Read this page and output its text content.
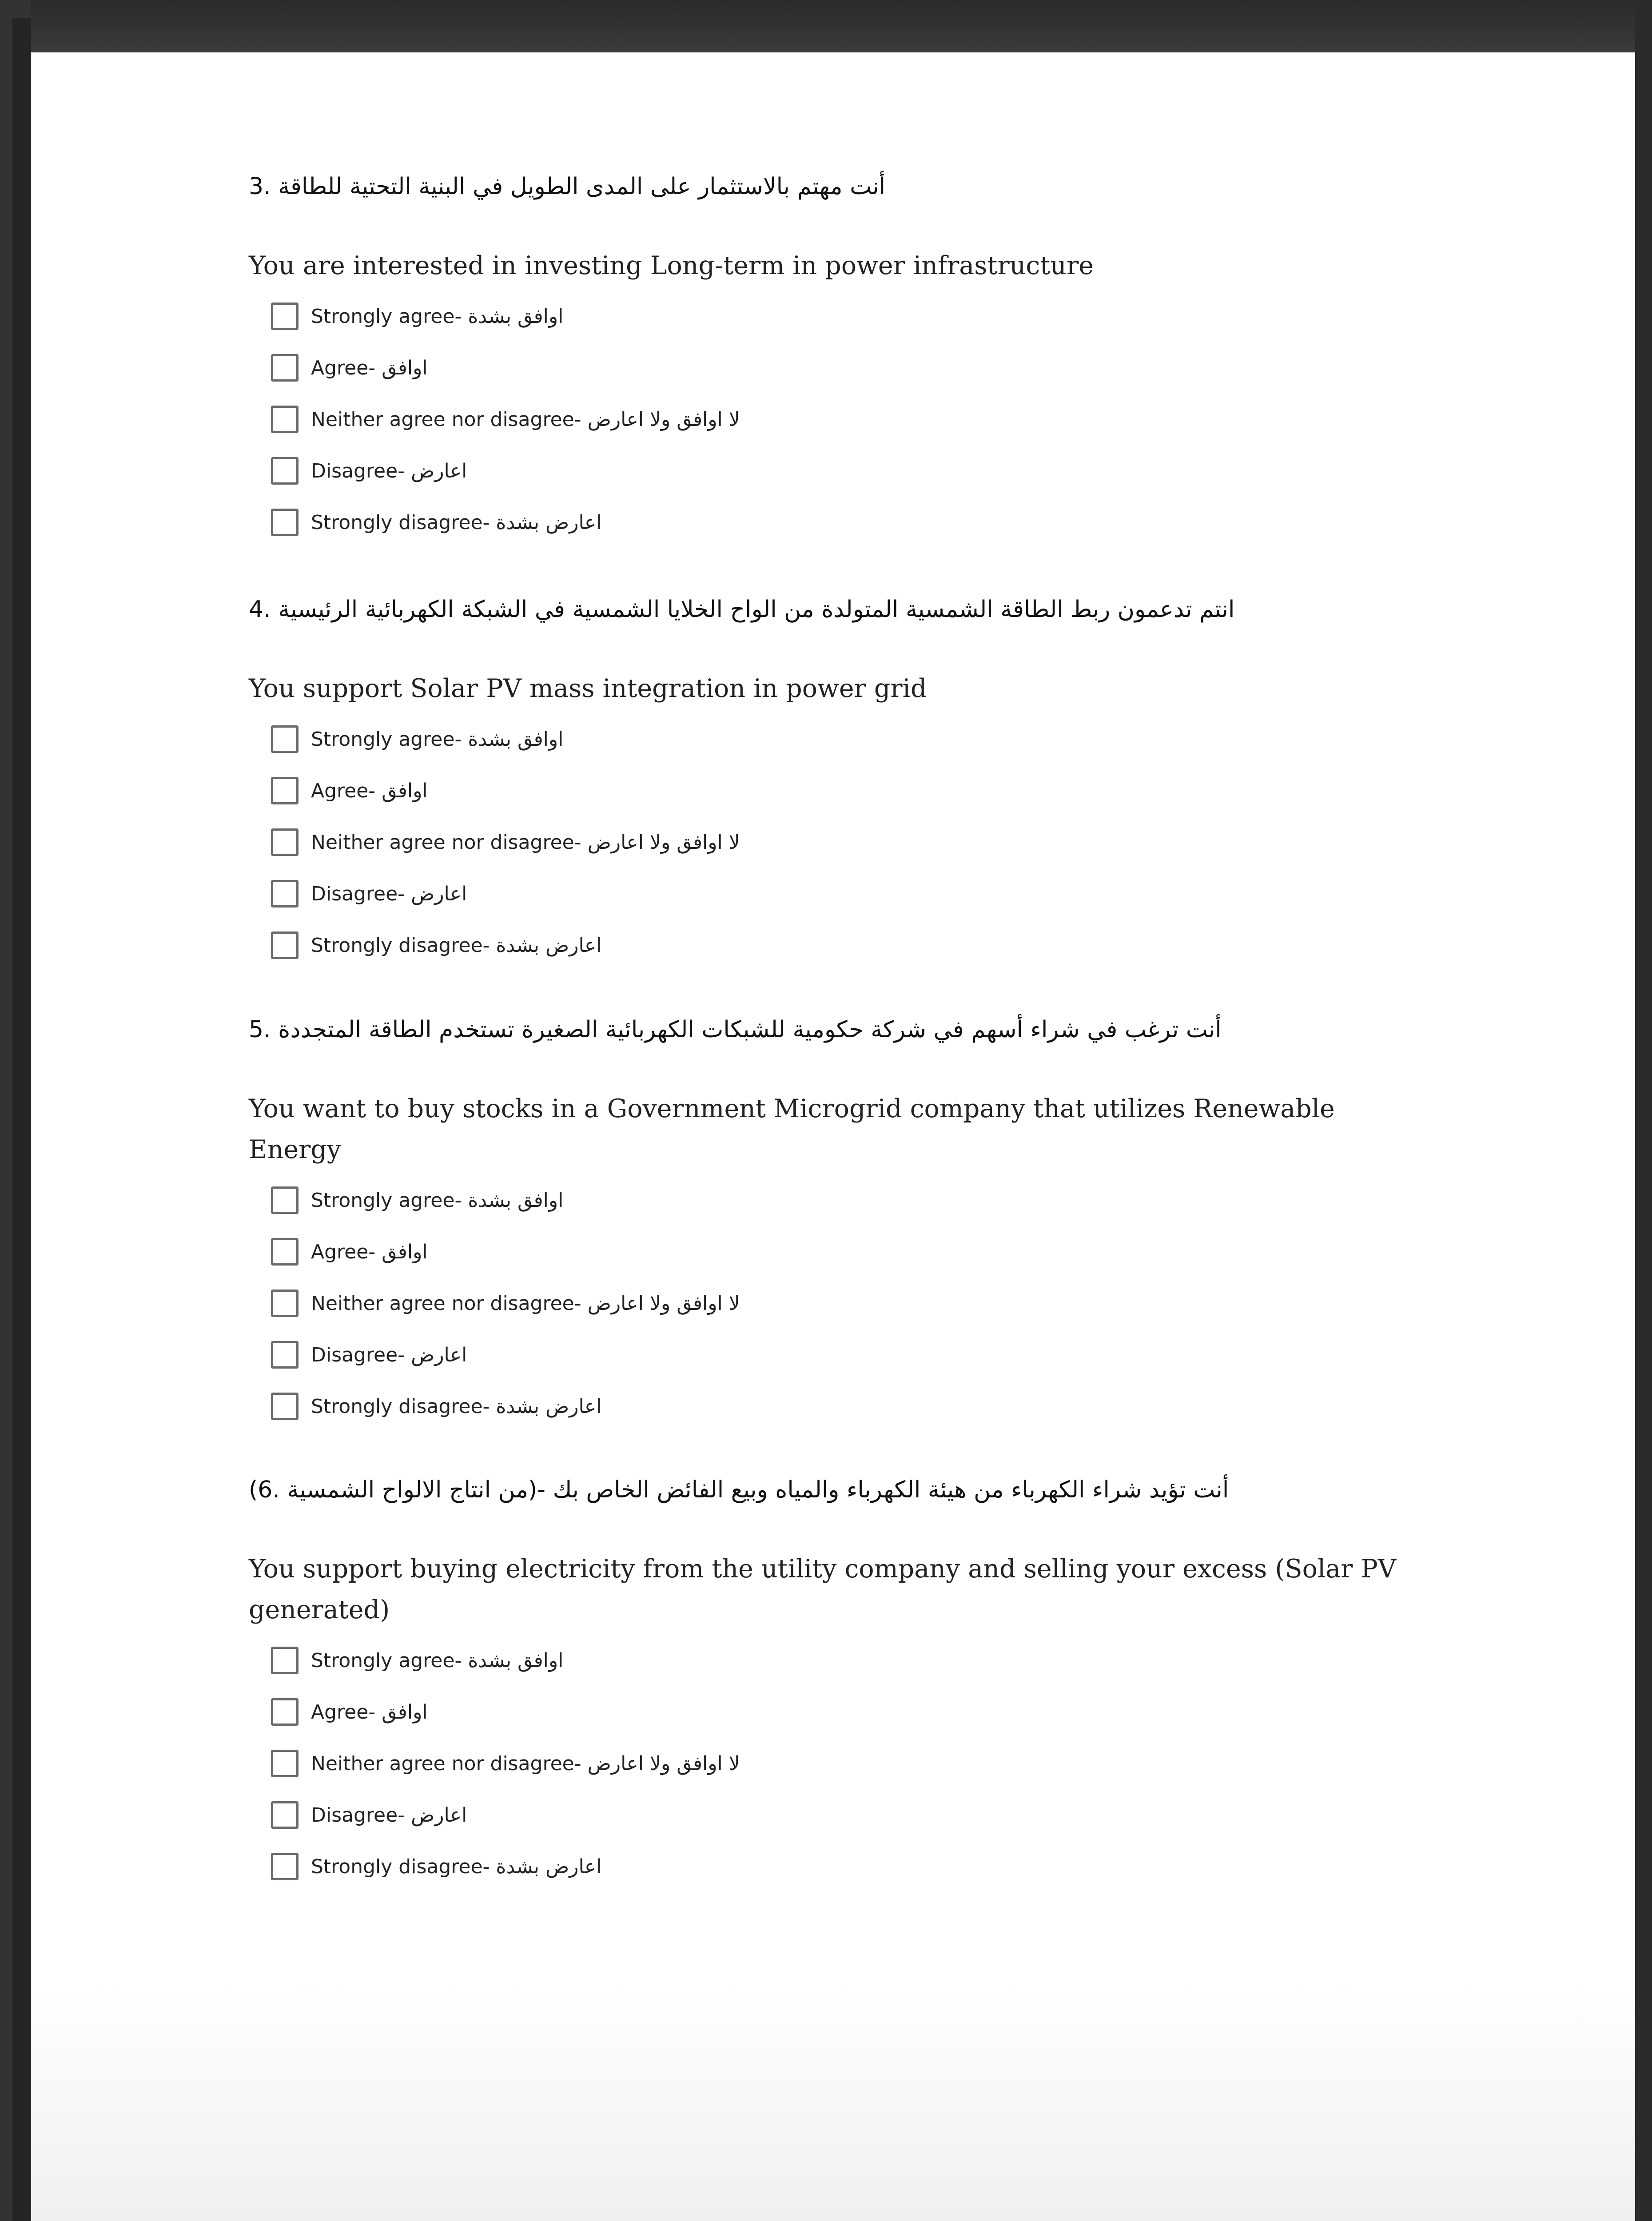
أنت مهتم بالاستثمار على المدى الطويل في البنية التحتية للطاقة .3
You are interested in investing Long-term in power infrastructure
Strongly agree- اوافق بشدة
Agree- اوافق
Neither agree nor disagree- لا اوافق ولا اعارض
Disagree- اعارض
Strongly disagree- اعارض بشدة
انتم تدعمون ربط الطاقة الشمسية المتولدة من الواح الخلايا الشمسية في الشبكة الكهربائية الرئيسية .4
You support Solar PV mass integration in power grid
Strongly agree- اوافق بشدة
Agree- اوافق
Neither agree nor disagree- لا اوافق ولا اعارض
Disagree- اعارض
Strongly disagree- اعارض بشدة
أنت ترغب في شراء أسهم في شركة حكومية للشبكات الكهربائية الصغيرة تستخدم الطاقة المتجددة .5
You want to buy stocks in a Government Microgrid company that utilizes Renewable Energy
Strongly agree- اوافق بشدة
Agree- اوافق
Neither agree nor disagree- لا اوافق ولا اعارض
Disagree- اعارض
Strongly disagree- اعارض بشدة
(أنت تؤيد شراء الكهرباء من هيئة الكهرباء والمياه وبيع الفائض الخاص بك -(من انتاج الالواح الشمسية .6
You support buying electricity from the utility company and selling your excess (Solar PV generated)
Strongly agree- اوافق بشدة
Agree- اوافق
Neither agree nor disagree- لا اوافق ولا اعارض
Disagree- اعارض
Strongly disagree- اعارض بشدة
